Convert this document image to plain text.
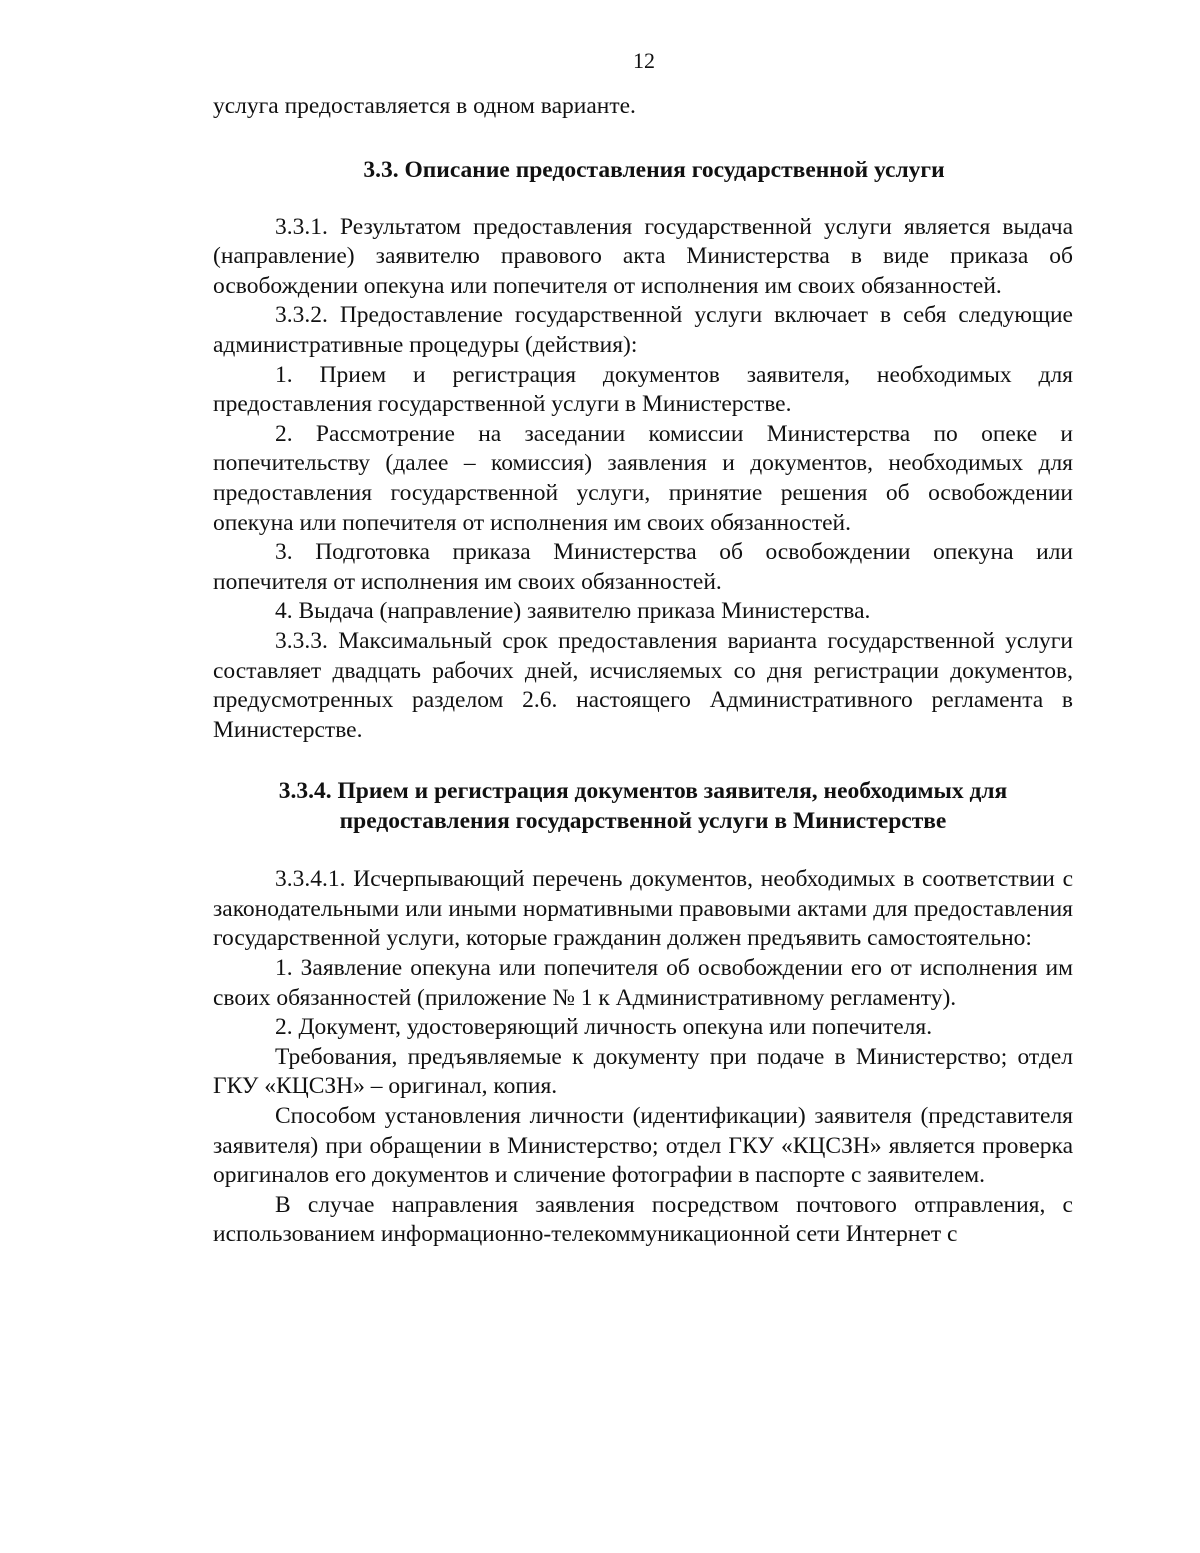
12

услуга предоставляется в одном варианте.

3.3. Описание предоставления государственной услуги

3.3.1. Результатом предоставления государственной услуги является выдача (направление) заявителю правового акта Министерства в виде приказа об освобождении опекуна или попечителя от исполнения им своих обязанностей.

3.3.2. Предоставление государственной услуги включает в себя следующие административные процедуры (действия):

1. Прием и регистрация документов заявителя, необходимых для предоставления государственной услуги в Министерстве.

2. Рассмотрение на заседании комиссии Министерства по опеке и попечительству (далее – комиссия) заявления и документов, необходимых для предоставления государственной услуги, принятие решения об освобождении опекуна или попечителя от исполнения им своих обязанностей.

3. Подготовка приказа Министерства об освобождении опекуна или попечителя от исполнения им своих обязанностей.

4. Выдача (направление) заявителю приказа Министерства.

3.3.3. Максимальный срок предоставления варианта государственной услуги составляет двадцать рабочих дней, исчисляемых со дня регистрации документов, предусмотренных разделом 2.6. настоящего Административного регламента в Министерстве.

3.3.4. Прием и регистрация документов заявителя, необходимых для
предоставления государственной услуги в Министерстве

3.3.4.1. Исчерпывающий перечень документов, необходимых в соответствии с законодательными или иными нормативными правовыми актами для предоставления государственной услуги, которые гражданин должен предъявить самостоятельно:

1. Заявление опекуна или попечителя об освобождении его от исполнения им своих обязанностей (приложение № 1 к Административному регламенту).

2. Документ, удостоверяющий личность опекуна или попечителя.

Требования, предъявляемые к документу при подаче в Министерство; отдел ГКУ «КЦСЗН» – оригинал, копия.

Способом установления личности (идентификации) заявителя (представителя заявителя) при обращении в Министерство; отдел ГКУ «КЦСЗН» является проверка оригиналов его документов и сличение фотографии в паспорте с заявителем.

В случае направления заявления посредством почтового отправления, с использованием информационно-телекоммуникационной сети Интернет с
